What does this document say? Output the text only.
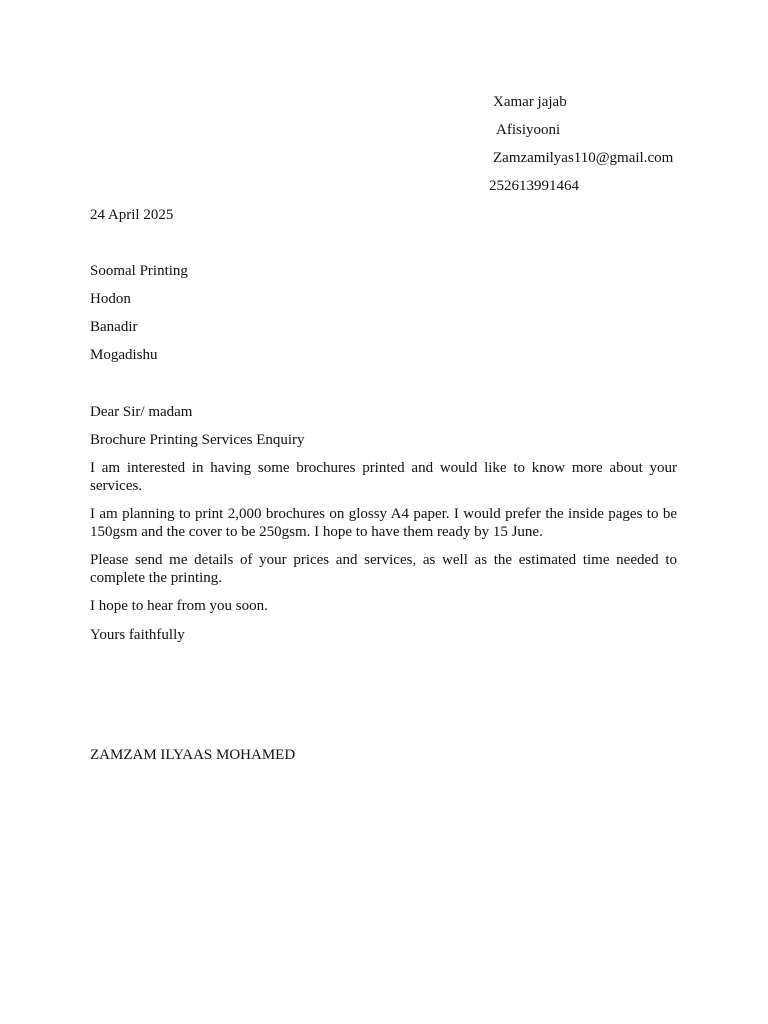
Xamar jajab
Afisiyooni
Zamzamilyas110@gmail.com
252613991464
24 April 2025
Soomal Printing
Hodon
Banadir
Mogadishu
Dear Sir/ madam
Brochure Printing Services Enquiry
I am interested in having some brochures printed and would like to know more about your services.
I am planning to print 2,000 brochures on glossy A4 paper. I would prefer the inside pages to be 150gsm and the cover to be 250gsm. I hope to have them ready by 15 June.
Please send me details of your prices and services, as well as the estimated time needed to complete the printing.
I hope to hear from you soon.
Yours faithfully
ZAMZAM ILYAAS MOHAMED
